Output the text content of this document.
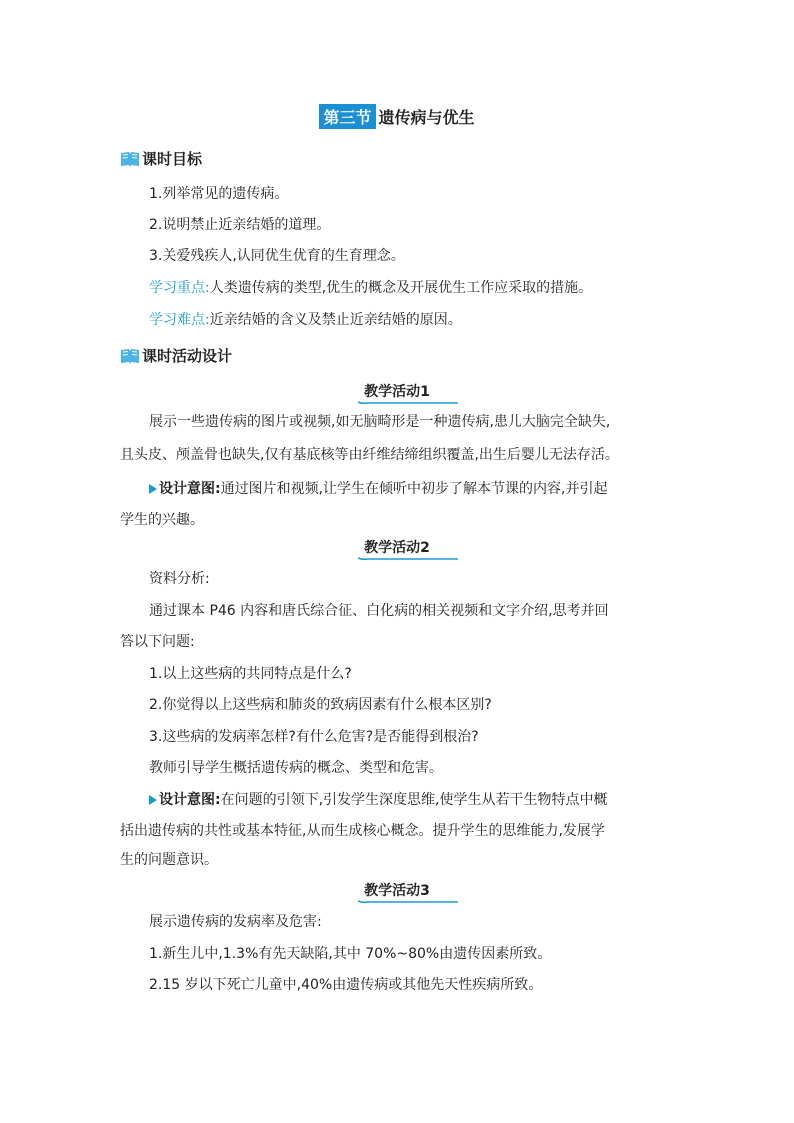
第三节 遗传病与优生
课时目标
1.列举常见的遗传病。
2.说明禁止近亲结婚的道理。
3.关爱残疾人,认同优生优育的生育理念。
学习重点:人类遗传病的类型,优生的概念及开展优生工作应采取的措施。
学习难点:近亲结婚的含义及禁止近亲结婚的原因。
课时活动设计
教学活动1
展示一些遗传病的图片或视频,如无脑畸形是一种遗传病,患儿大脑完全缺失,
且头皮、颅盖骨也缺失,仅有基底核等由纤维结缔组织覆盖,出生后婴儿无法存活。
设计意图:通过图片和视频,让学生在倾听中初步了解本节课的内容,并引起
学生的兴趣。
教学活动2
资料分析:
通过课本 P46 内容和唐氏综合征、白化病的相关视频和文字介绍,思考并回
答以下问题:
1.以上这些病的共同特点是什么?
2.你觉得以上这些病和肺炎的致病因素有什么根本区别?
3.这些病的发病率怎样?有什么危害?是否能得到根治?
教师引导学生概括遗传病的概念、类型和危害。
设计意图:在问题的引领下,引发学生深度思维,使学生从若干生物特点中概
括出遗传病的共性或基本特征,从而生成核心概念。提升学生的思维能力,发展学
生的问题意识。
教学活动3
展示遗传病的发病率及危害:
1.新生儿中,1.3%有先天缺陷,其中 70%~80%由遗传因素所致。
2.15 岁以下死亡儿童中,40%由遗传病或其他先天性疾病所致。
